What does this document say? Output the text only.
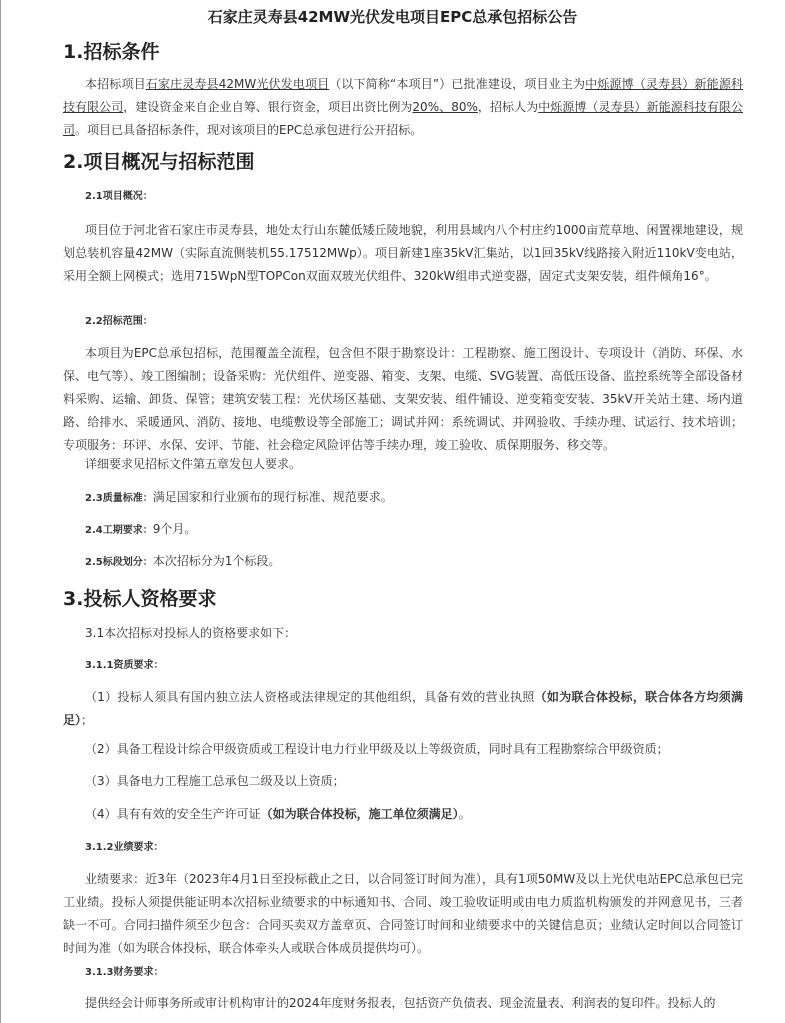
石家庄灵寿县42MW光伏发电项目EPC总承包招标公告
1.招标条件
本招标项目石家庄灵寿县42MW光伏发电项目（以下简称“本项目”）已批准建设，项目业主为中烁源博（灵寿县）新能源科技有限公司，建设资金来自企业自筹、银行资金，项目出资比例为20%、80%，招标人为中烁源博（灵寿县）新能源科技有限公司。项目已具备招标条件，现对该项目的EPC总承包进行公开招标。
2.项目概况与招标范围
2.1项目概况：
项目位于河北省石家庄市灵寿县，地处太行山东麓低矮丘陵地貌，利用县域内八个村庄约1000亩荒草地、闲置裸地建设，规划总装机容量42MW（实际直流侧装机55.17512MWp）。项目新建1座35kV汇集站，以1回35kV线路接入附近110kV变电站，采用全额上网模式；选用715WpN型TOPCon双面双玻光伏组件、320kW组串式逆变器，固定式支架安装，组件倾角16°。
2.2招标范围：
本项目为EPC总承包招标，范围覆盖全流程，包含但不限于勘察设计：工程勘察、施工图设计、专项设计（消防、环保、水保、电气等）、竣工图编制；设备采购：光伏组件、逆变器、箱变、支架、电缆、SVG装置、高低压设备、监控系统等全部设备材料采购、运输、卸货、保管；建筑安装工程：光伏场区基础、支架安装、组件铺设、逆变箱变安装、35kV开关站土建、场内道路、给排水、采暖通风、消防、接地、电缆敷设等全部施工；调试并网：系统调试、并网验收、手续办理、试运行、技术培训；专项服务：环评、水保、安评、节能、社会稳定风险评估等手续办理，竣工验收、质保期服务、移交等。
详细要求见招标文件第五章发包人要求。
2.3质量标准：满足国家和行业颁布的现行标准、规范要求。
2.4工期要求：9个月。
2.5标段划分：本次招标分为1个标段。
3.投标人资格要求
3.1本次招标对投标人的资格要求如下：
3.1.1资质要求：
（1）投标人须具有国内独立法人资格或法律规定的其他组织，具备有效的营业执照（如为联合体投标，联合体各方均须满足）；
（2）具备工程设计综合甲级资质或工程设计电力行业甲级及以上等级资质，同时具有工程勘察综合甲级资质；
（3）具备电力工程施工总承包二级及以上资质；
（4）具有有效的安全生产许可证（如为联合体投标，施工单位须满足）。
3.1.2业绩要求：
业绩要求：近3年（2023年4月1日至投标截止之日，以合同签订时间为准），具有1项50MW及以上光伏电站EPC总承包已完工业绩。投标人须提供能证明本次招标业绩要求的中标通知书、合同、竣工验收证明或由电力质监机构颁发的并网意见书，三者缺一不可。合同扫描件须至少包含：合同买卖双方盖章页、合同签订时间和业绩要求中的关键信息页；业绩认定时间以合同签订时间为准（如为联合体投标，联合体牵头人或联合体成员提供均可）。
3.1.3财务要求：
提供经会计师事务所或审计机构审计的2024年度财务报表，包括资产负债表、现金流量表、利润表的复印件。投标人的
